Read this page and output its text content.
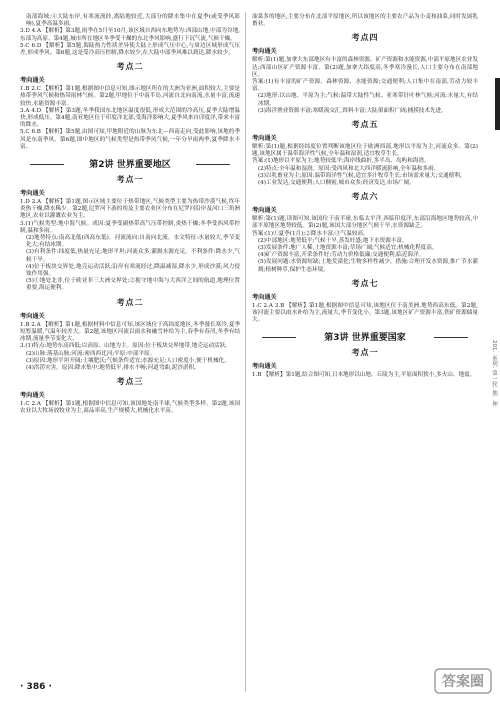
南部海域;④大陆东岸,有寒流流经,离陆地较近,大部分的降水集中在夏季(或受季风影响),夏季高温多雨。

3.D 4.A 【解析】第3题,雨季在5月至10月,该区域自西向东地势为:西部山地,中部为谷地,东部为高原。第4题,城市所在地区冬季受干燥的东北季风影响,盛行下沉气流,气候干燥。

5.C 6.D 【解析】第5题,海陆热力性质差异使大陆上形成气压中心,与周边区域形成气压差,形成季风。第6题,这是受冷高压控制,降水较少,在大陆中部季风难以到达,降水较少。

考点二
考向通关

1.B 2.C 【解析】第1题,根据图中信息可知,图示地区所在的大洲为亚洲,面积较大,主要是热带季风气候和热带雨林气候。第2题,甲地位于中南半岛,河流自北向南流,水量丰富,流速较快,水能资源丰富。

3.A 4.D 【解析】第3题,冬季我国东北地区温度很低,形成大范围的冷高压,夏季大陆增温快,形成低压。第4题,南亚地区位于印度洋北部,受海洋影响大,夏季风来自印度洋,带来丰富的降水。

5.C 6.B 【解析】第5题,由图可知,甲地附近的山脉为东北—西南走向,受此影响,该地的季风是东南季风。第6题,图中地区的气候类型是热带季风气候,一年分旱雨两季,夏季降水丰富。

第2讲 世界重要地区
考点一
考向通关

1.D 2.A 【解析】第1题,图示区域主要位于热带地区,气候类型主要为热带沙漠气候,终年炎热干燥,降水稀少。第2题,尼罗河下游的埃及主要农业区分布在尼罗河沿岸及河口三角洲地区,农业以灌溉农业为主。

3.(1)气候类型:地中海气候。成因:夏季受副热带高气压带控制,炎热干燥;冬季受西风带控制,温和多雨。

(2)地势特点:南高北低(西高东低)。河流流向:自南向北流。水文特征:水量较大,季节变化大;有结冰期。

(3)有利条件:纬度低,热量充足;地形平坦;河流众多,灌溉水源充足。不利条件:降水少,气候干旱。

(4)位于板块交界处,地壳运动活跃;沿岸有寒流经过,降温减湿,降水少,形成沙漠;风力侵蚀作用强。

(5)①地处北非,位于欧亚非三大洲交界处;②扼守地中海与大西洋之间的航道,地理位置重要,海运便利。

考点二
考向通关

1.B 2.A 【解析】第1题,根据材料中信息可知,该区域位于高纬度地区,冬季漫长寒冷,夏季短暂温暖,气温年较差大。第2题,该地区河流以雨水和融雪补给为主,春季有春汛,冬季有结冰期,流量季节变化大。

3.(1)特点:地势东高西低;以高原、山地为主。原因:位于板块交界地带,地壳运动活跃。

(2)山脉:落基山脉;河流:密西西比河;平原:中部平原。

(3)原因:地形平坦开阔;土壤肥沃;气候条件适宜;水源充足;人口密度小,便于机械化。

(4)洪涝灾害。原因:降水集中;地势低平,排水不畅;河道弯曲,泥沙淤积。

考点三
考向通关

1.C 2.A 【解析】第1题,根据图中信息可知,该国地处南半球,气候类型多样。第2题,该国农业以大牧场放牧业为主,商品率高,生产规模大,机械化水平高。

油菜多的地区,主要分布在北部平原地区,所以该地区的主要农产品为小麦和油菜,同时发展乳畜业。

考点四
考向通关

解析:第(1)题,加拿大东部地区有丰富的森林资源、矿产资源和水能资源,中部平原地区农业发达;西部山区矿产资源丰富。第(2)题,加拿大纬度高,冬季寒冷漫长,人口主要分布在南部地区。

答案:(1)有丰富的矿产资源、森林资源、水能资源;交通便利;人口集中在南部,劳动力较丰富。

(2)地形:以山地、平原为主;气候:温带大陆性气候、亚寒带针叶林气候;河流:水量大,有结冰期。

(3)海洋渔业资源丰富;寒暖流交汇,饵料丰富;大陆架面积广阔;捕捞技术先进。

考点五
考向通关

解析:第(1)题,根据经纬度位置判断该地区位于欧洲西部,地形以平原为主,河流众多。第(2)题,该地区属于温带海洋性气候,全年温和湿润,适宜牧草生长。

答案:(1)地形以平原为主;地势较低平;海岸线曲折,多半岛、岛屿和海湾。

(2)特点:全年温和湿润。原因:受西风和北大西洋暖流影响,全年温和多雨。

(3)以乳畜业为主;原因:温带海洋性气候,适宜多汁牧草生长;市场需求量大;交通便利。

(4)工业发达,交通便利;人口稠密,城市众多;经济发达,市场广阔。

考点六
考向通关

解析:第(1)题,读图可知,该国位于南半球,东临太平洋,西临印度洋,东部沿海地区地势较高,中部平原地区地势较低。第(2)题,该国大部分地区气候干旱,水资源缺乏。

答案:(1)①夏季(1月);②降水丰富;③气温较高。

(2)中部地区:地势低平;气候干旱,蒸发旺盛;地下水资源丰富。

(3)发展条件:地广人稀,土地资源丰富;草场广阔;气候适宜;机械化程度高。

(4)矿产资源丰富,开采条件好;劳动力价格低廉;交通便利,临近海洋。

(5)发展问题:水资源短缺;土地荒漠化;生物多样性减少。措施:合理开发水资源,推广节水灌溉;植树种草,保护生态环境。

考点七
考向通关

1.C 2.A 3.B 【解析】第1题,根据图中信息可知,该地区位于南美洲,地势西高东低。第2题,该河流主要以雨水补给为主,流量大,季节变化小。第3题,该地区矿产资源丰富,铁矿资源储量大。

第3讲 世界重要国家
考点一
考向通关

1.B 【解析】第1题,结合图可知,日本地形以山地、丘陵为主,平原面积狭小,多火山、地震。	201. .系列. 第一轮. 地. .理
· 386 ·	答案圈
